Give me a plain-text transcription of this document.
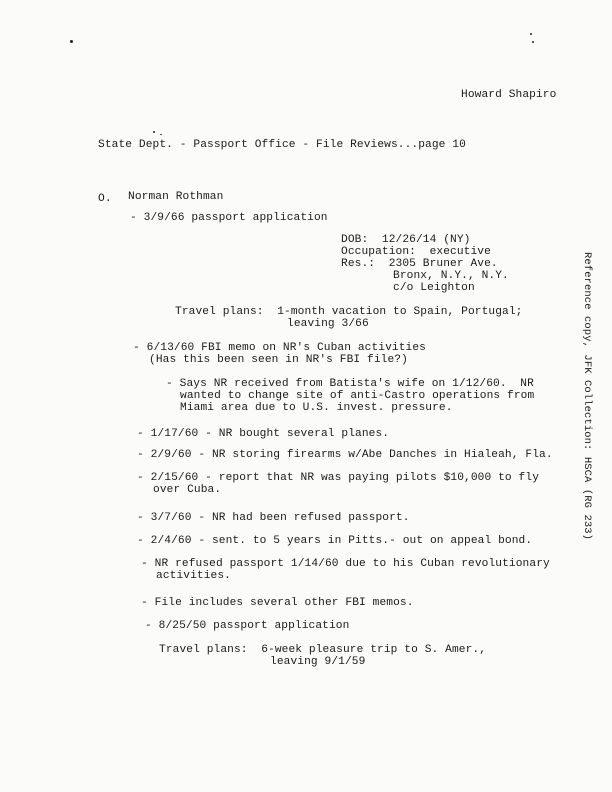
Howard Shapiro
State Dept. - Passport Office - File Reviews...page 10
O. Norman Rothman
- 3/9/66 passport application
DOB:  12/26/14 (NY)
Occupation:  executive
Res.:  2305 Bruner Ave.
Bronx, N.Y., N.Y.
c/o Leighton
Travel plans:  1-month vacation to Spain, Portugal;
leaving 3/66
- 6/13/60 FBI memo on NR's Cuban activities
(Has this been seen in NR's FBI file?)
- Says NR received from Batista's wife on 1/12/60.  NR
wanted to change site of anti-Castro operations from
Miami area due to U.S. invest. pressure.
- 1/17/60 - NR bought several planes.
- 2/9/60 - NR storing firearms w/Abe Danches in Hialeah, Fla.
- 2/15/60 - report that NR was paying pilots $10,000 to fly
over Cuba.
- 3/7/60 - NR had been refused passport.
- 2/4/60 - sent. to 5 years in Pitts.- out on appeal bond.
- NR refused passport 1/14/60 due to his Cuban revolutionary
activities.
- File includes several other FBI memos.
- 8/25/50 passport application
Travel plans:  6-week pleasure trip to S. Amer.,
leaving 9/1/59
Reference copy, JFK Collection: HSCA (RG 233)
